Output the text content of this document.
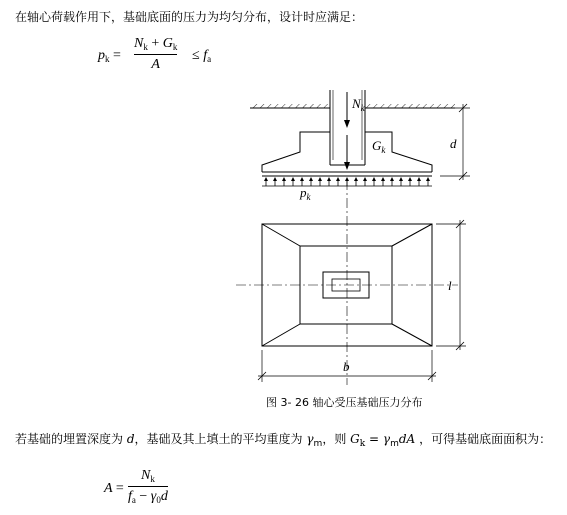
在轴心荷载作用下，基础底面的压力为均匀分布，设计时应满足：
$p_k$ =
$N_k + G_k$
A
≤ $f_a$
$N_k$
$G_k$
$p_k$
d
l
b
图 3- 26 轴心受压基础压力分布
若基础的埋置深度为 d，基础及其上填土的平均重度为 $\gamma_m$，则 $G_k = \gamma_mdA$ ，可得基础底面面积为：
A =
$N_k$
$f_a - \gamma_0d$
